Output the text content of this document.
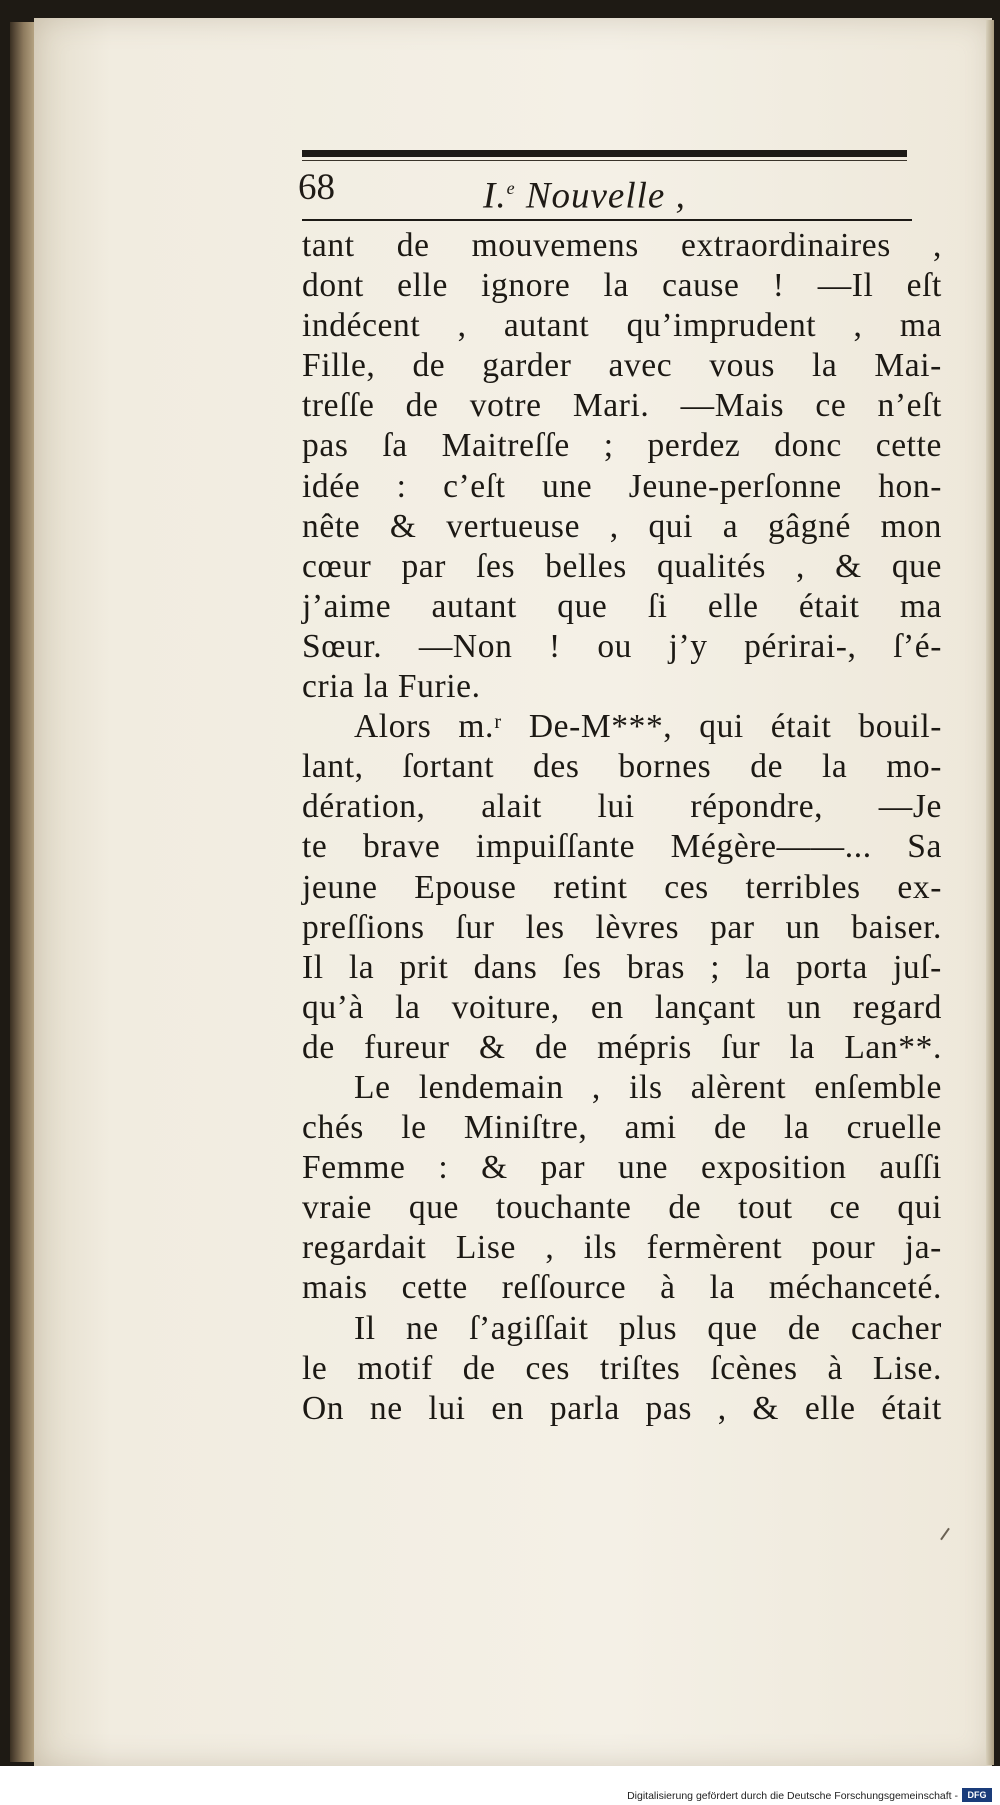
68	I.$^e$ Nouvelle ,
tant de mouvemens extraordinaires ,
dont elle ignore la cause ! —Il eſt
indécent , autant qu’imprudent , ma
Fille, de garder avec vous la Mai-
treſſe de votre Mari. —Mais ce n’eſt
pas ſa Maitreſſe ; perdez donc cette
idée : c’eſt une Jeune-perſonne hon-
nête & vertueuse , qui a gâgné mon
cœur par ſes belles qualités , & que
j’aime autant que ſi elle était ma
Sœur. —Non ! ou j’y périrai-, ſ’é-
cria la Furie.
Alors m.ʳ De-M***, qui était bouil-
lant, ſortant des bornes de la mo-
dération, alait lui répondre, —Je
te brave impuiſſante Mégère——... Sa
jeune Epouse retint ces terribles ex-
preſſions ſur les lèvres par un baiser.
Il la prit dans ſes bras ; la porta juſ-
qu’à la voiture, en lançant un regard
de fureur & de mépris ſur la Lan**.
Le lendemain , ils alèrent enſemble
chés le Miniſtre, ami de la cruelle
Femme : & par une exposition auſſi
vraie que touchante de tout ce qui
regardait Lise , ils fermèrent pour ja-
mais cette reſſource à la méchanceté.
Il ne ſ’agiſſait plus que de cacher
le motif de ces triſtes ſcènes à Lise.
On ne lui en parla pas , & elle était
Digitalisierung gefördert durch die Deutsche Forschungsgemeinschaft -	DFG
